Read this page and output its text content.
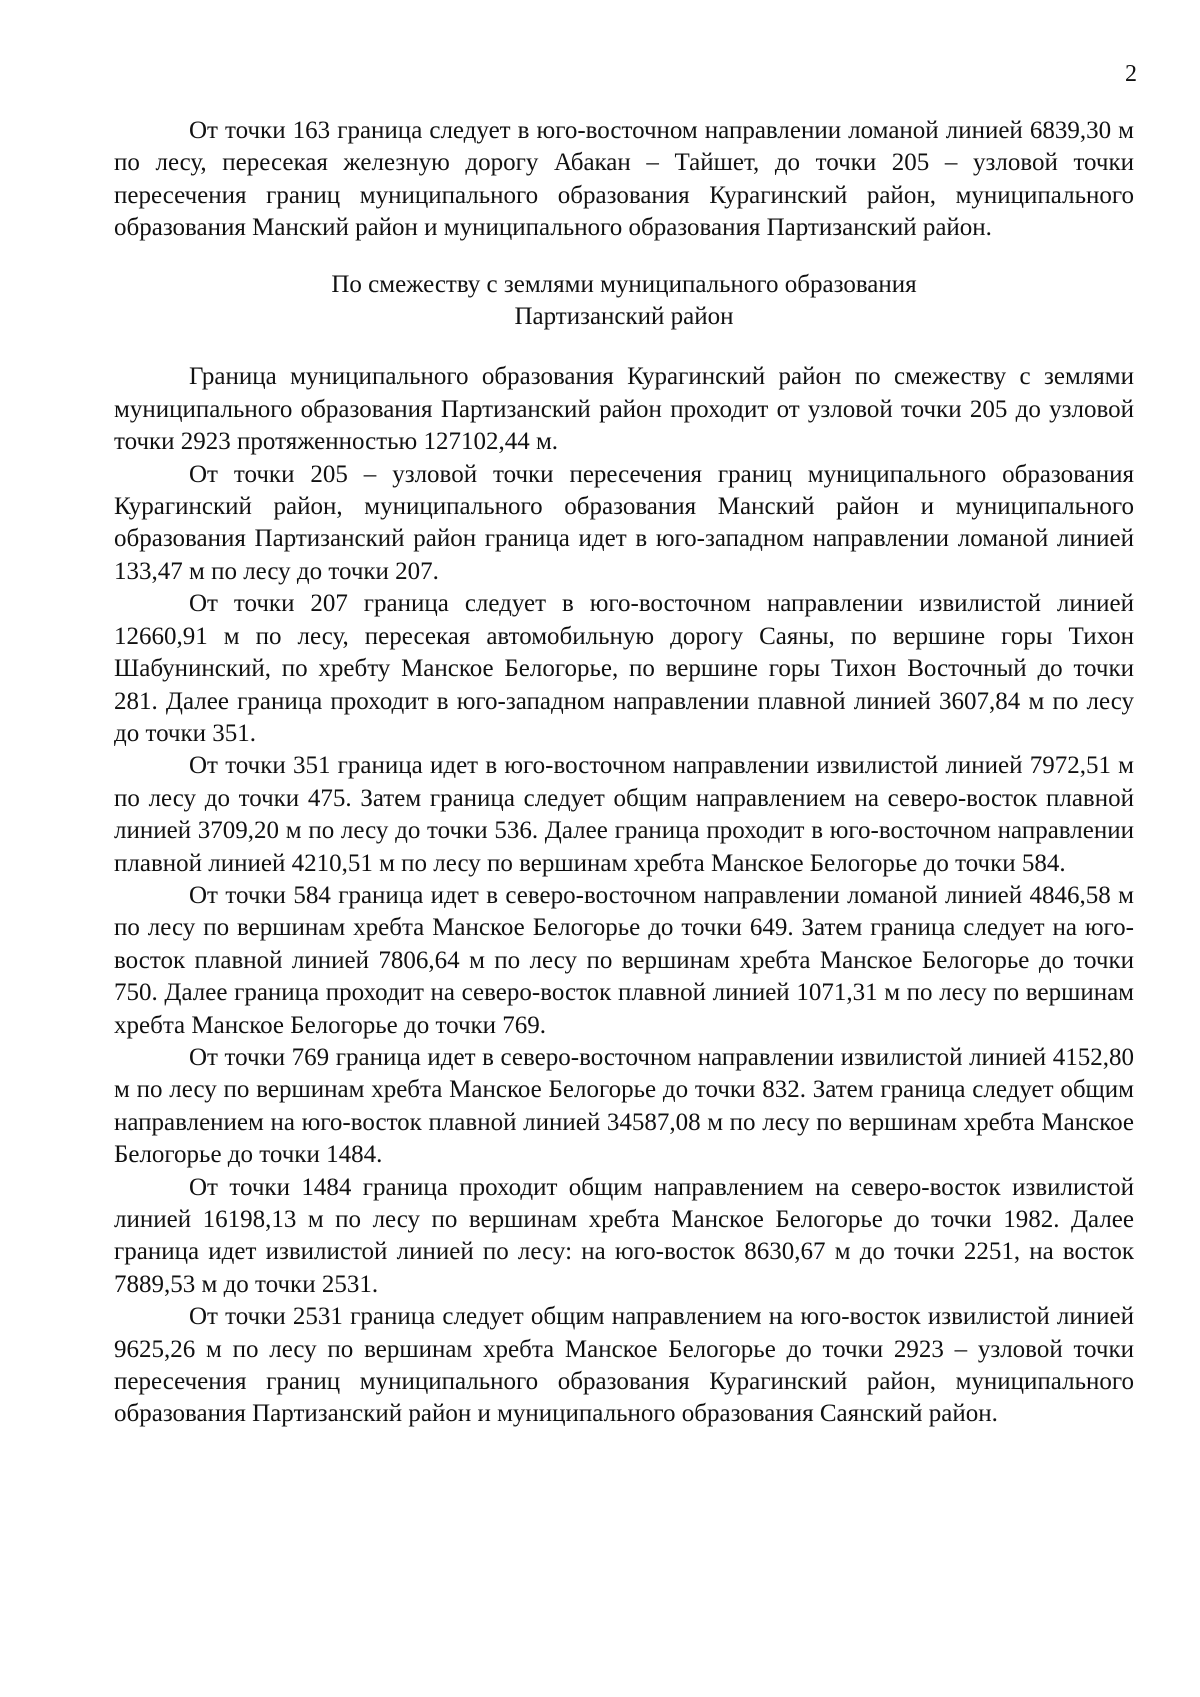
2

От точки 163 граница следует в юго-восточном направлении ломаной линией 6839,30 м по лесу, пересекая железную дорогу Абакан – Тайшет, до точки 205 – узловой точки пересечения границ муниципального образования Курагинский район, муниципального образования Манский район и муниципального образования Партизанский район.

По смежеству с землями муниципального образования
Партизанский район

Граница муниципального образования Курагинский район по смежеству с землями муниципального образования Партизанский район проходит от узловой точки 205 до узловой точки 2923 протяженностью 127102,44 м.

От точки 205 – узловой точки пересечения границ муниципального образования Курагинский район, муниципального образования Манский район и муниципального образования Партизанский район граница идет в юго-западном направлении ломаной линией 133,47 м по лесу до точки 207.

От точки 207 граница следует в юго-восточном направлении извилистой линией 12660,91 м по лесу, пересекая автомобильную дорогу Саяны, по вершине горы Тихон Шабунинский, по хребту Манское Белогорье, по вершине горы Тихон Восточный до точки 281. Далее граница проходит в юго-западном направлении плавной линией 3607,84 м по лесу до точки 351.

От точки 351 граница идет в юго-восточном направлении извилистой линией 7972,51 м по лесу до точки 475. Затем граница следует общим направлением на северо-восток плавной линией 3709,20 м по лесу до точки 536. Далее граница проходит в юго-восточном направлении плавной линией 4210,51 м по лесу по вершинам хребта Манское Белогорье до точки 584.

От точки 584 граница идет в северо-восточном направлении ломаной линией 4846,58 м по лесу по вершинам хребта Манское Белогорье до точки 649. Затем граница следует на юго-восток плавной линией 7806,64 м по лесу по вершинам хребта Манское Белогорье до точки 750. Далее граница проходит на северо-восток плавной линией 1071,31 м по лесу по вершинам хребта Манское Белогорье до точки 769.

От точки 769 граница идет в северо-восточном направлении извилистой линией 4152,80 м по лесу по вершинам хребта Манское Белогорье до точки 832. Затем граница следует общим направлением на юго-восток плавной линией 34587,08 м по лесу по вершинам хребта Манское Белогорье до точки 1484.

От точки 1484 граница проходит общим направлением на северо-восток извилистой линией 16198,13 м по лесу по вершинам хребта Манское Белогорье до точки 1982. Далее граница идет извилистой линией по лесу: на юго-восток 8630,67 м до точки 2251, на восток 7889,53 м до точки 2531.

От точки 2531 граница следует общим направлением на юго-восток извилистой линией 9625,26 м по лесу по вершинам хребта Манское Белогорье до точки 2923 – узловой точки пересечения границ муниципального образования Курагинский район, муниципального образования Партизанский район и муниципального образования Саянский район.
